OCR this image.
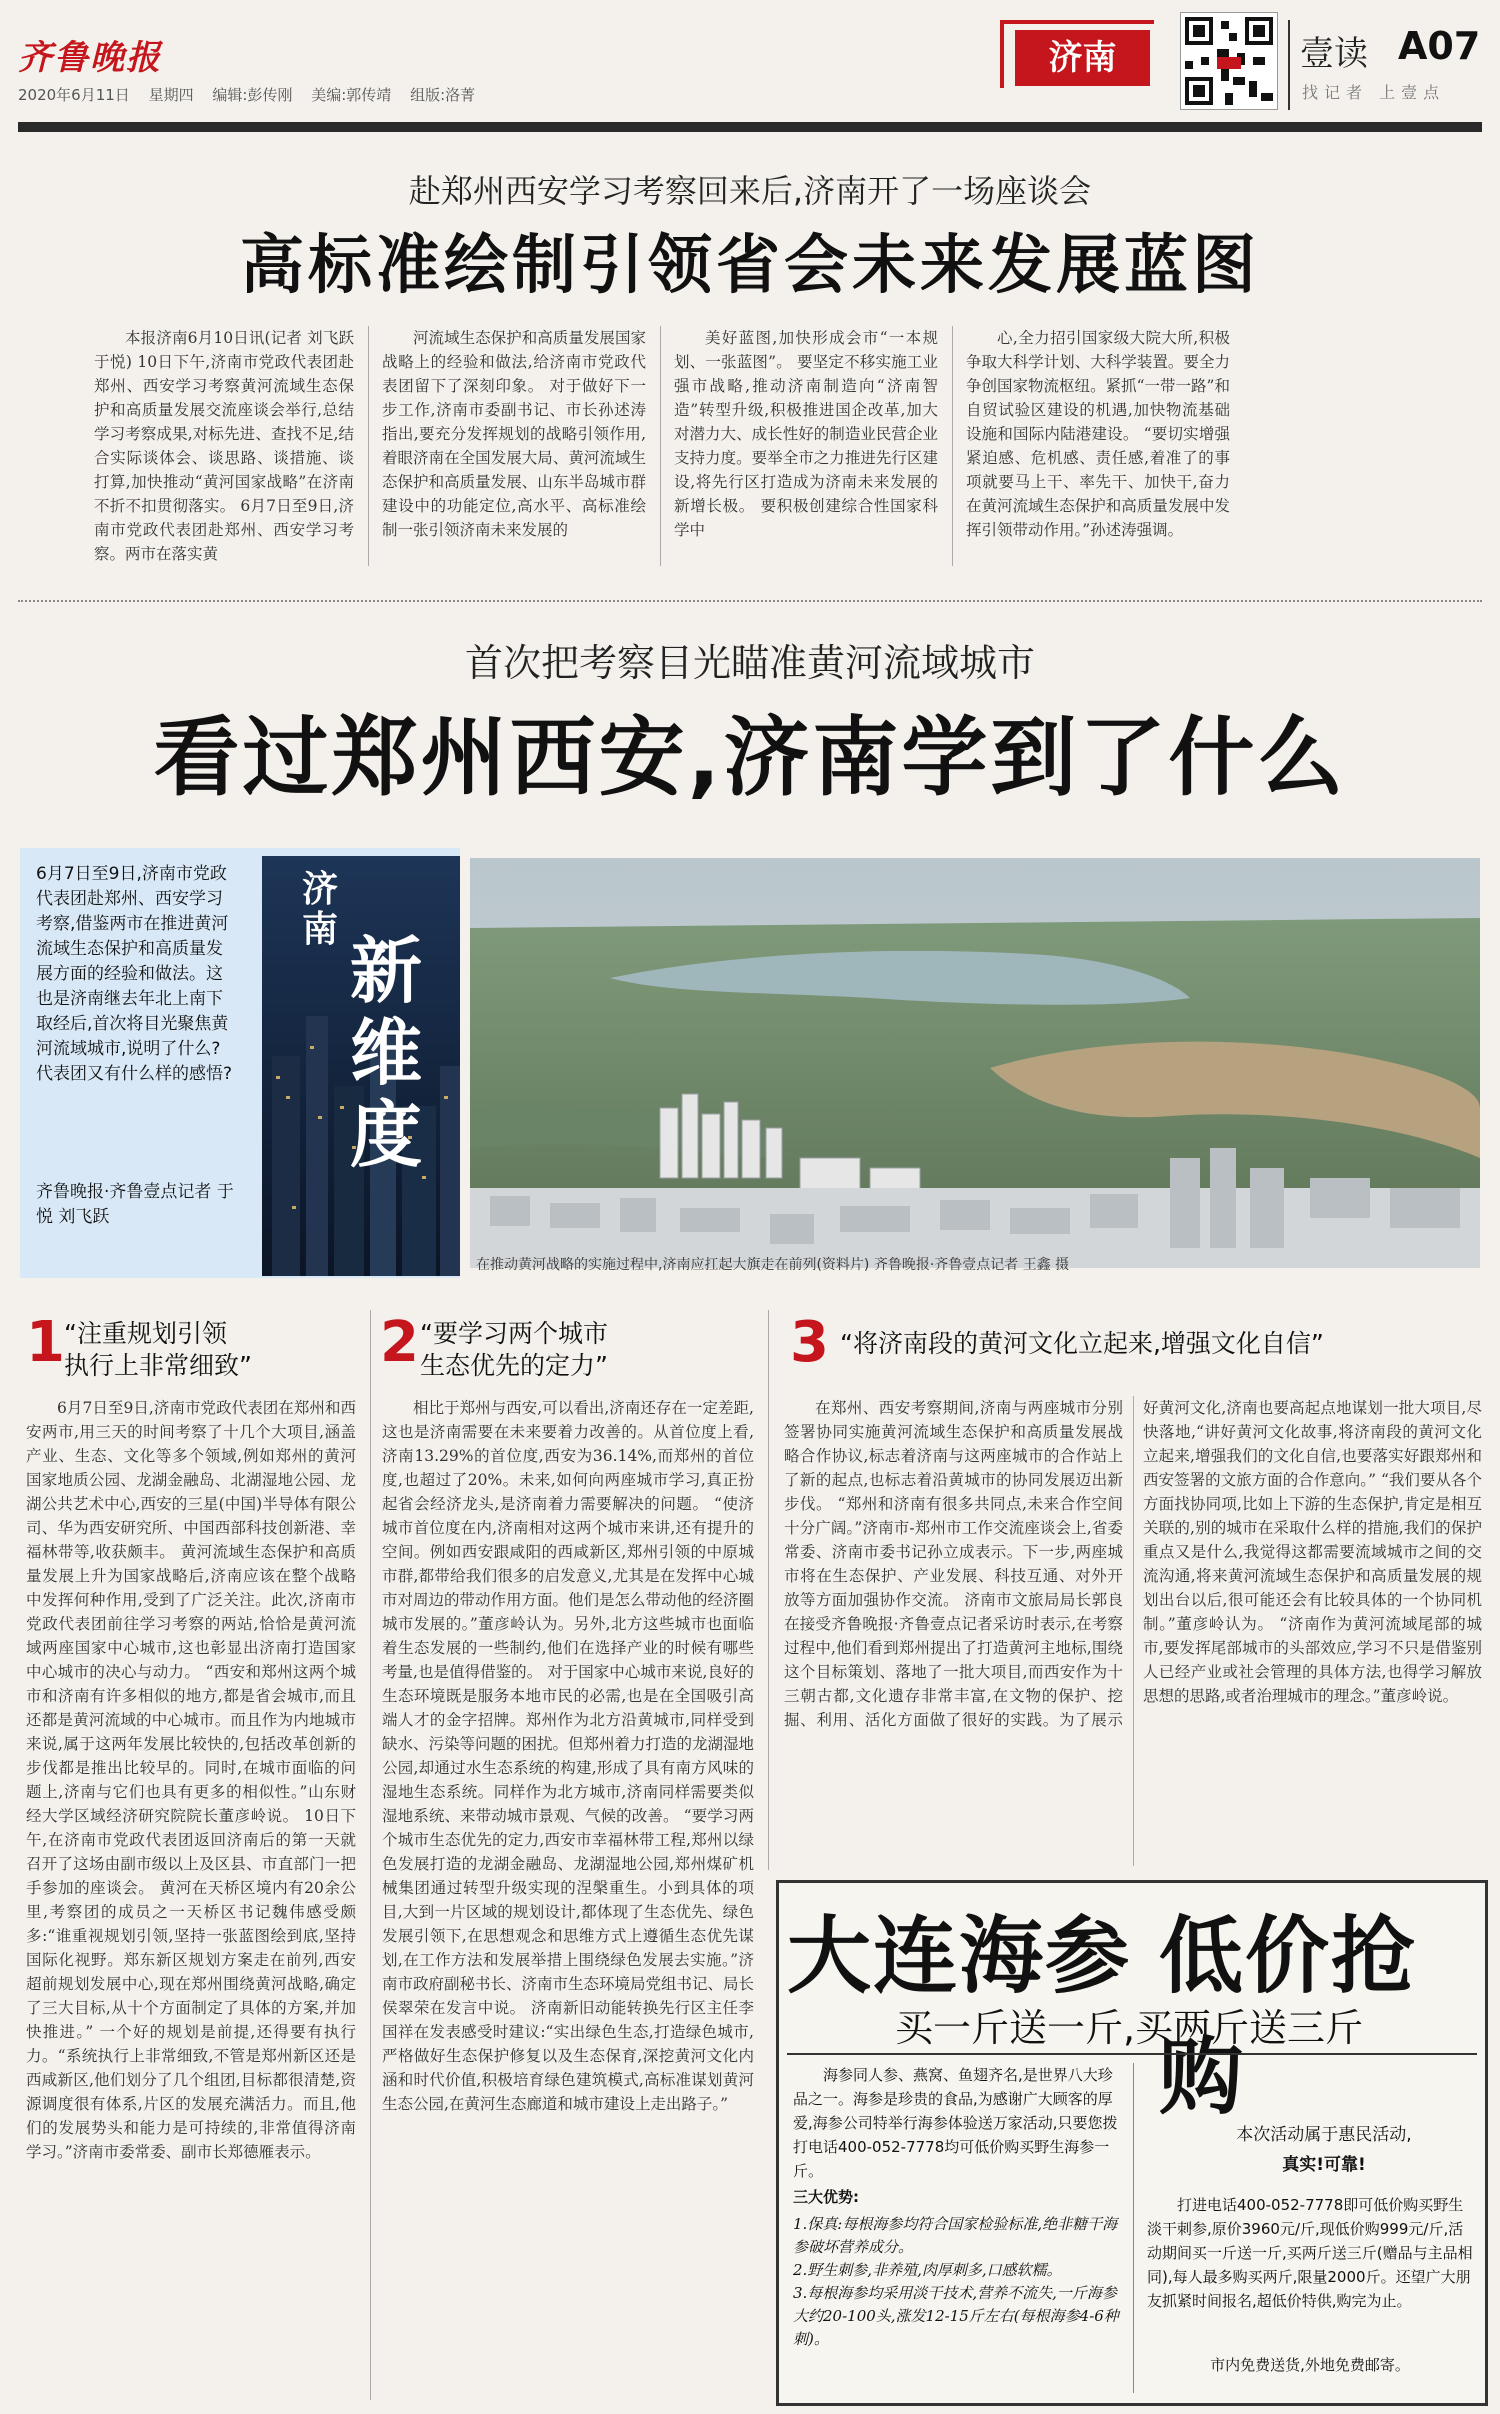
齐鲁晚报
2020年6月11日 星期四 编辑:彭传刚 美编:郭传靖 组版:洛菁
济南	壹读 A07
找记者 上壹点
赴郑州西安学习考察回来后,济南开了一场座谈会
高标准绘制引领省会未来发展蓝图

本报济南6月10日讯(记者 刘飞跃 于悦) 10日下午,济南市党政代表团赴郑州、西安学习考察黄河流域生态保护和高质量发展交流座谈会举行,总结学习考察成果,对标先进、查找不足,结合实际谈体会、谈思路、谈措施、谈打算,加快推动“黄河国家战略”在济南不折不扣贯彻落实。 6月7日至9日,济南市党政代表团赴郑州、西安学习考察。两市在落实黄

河流域生态保护和高质量发展国家战略上的经验和做法,给济南市党政代表团留下了深刻印象。 对于做好下一步工作,济南市委副书记、市长孙述涛指出,要充分发挥规划的战略引领作用,着眼济南在全国发展大局、黄河流域生态保护和高质量发展、山东半岛城市群建设中的功能定位,高水平、高标准绘制一张引领济南未来发展的

美好蓝图,加快形成会市“一本规划、一张蓝图”。 要坚定不移实施工业强市战略,推动济南制造向“济南智造”转型升级,积极推进国企改革,加大对潜力大、成长性好的制造业民营企业支持力度。要举全市之力推进先行区建设,将先行区打造成为济南未来发展的新增长极。 要积极创建综合性国家科学中

心,全力招引国家级大院大所,积极争取大科学计划、大科学装置。要全力争创国家物流枢纽。紧抓“一带一路”和自贸试验区建设的机遇,加快物流基础设施和国际内陆港建设。 “要切实增强紧迫感、危机感、责任感,着准了的事项就要马上干、率先干、加快干,奋力在黄河流域生态保护和高质量发展中发挥引领带动作用。”孙述涛强调。

首次把考察目光瞄准黄河流域城市
看过郑州西安,济南学到了什么
6月7日至9日,济南市党政代表团赴郑州、西安学习考察,借鉴两市在推进黄河流域生态保护和高质量发展方面的经验和做法。这也是济南继去年北上南下取经后,首次将目光聚焦黄河流域城市,说明了什么?代表团又有什么样的感悟?
齐鲁晚报·齐鲁壹点记者 于悦 刘飞跃
济
南 新
维
度
在推动黄河战略的实施过程中,济南应扛起大旗走在前列(资料片) 齐鲁晚报·齐鲁壹点记者 王鑫 摄
1 “注重规划引领
执行上非常细致”

6月7日至9日,济南市党政代表团在郑州和西安两市,用三天的时间考察了十几个大项目,涵盖产业、生态、文化等多个领域,例如郑州的黄河国家地质公园、龙湖金融岛、北湖湿地公园、龙湖公共艺术中心,西安的三星(中国)半导体有限公司、华为西安研究所、中国西部科技创新港、幸福林带等,收获颇丰。 黄河流域生态保护和高质量发展上升为国家战略后,济南应该在整个战略中发挥何种作用,受到了广泛关注。此次,济南市党政代表团前往学习考察的两站,恰恰是黄河流域两座国家中心城市,这也彰显出济南打造国家中心城市的决心与动力。 “西安和郑州这两个城市和济南有许多相似的地方,都是省会城市,而且还都是黄河流域的中心城市。而且作为内地城市来说,属于这两年发展比较快的,包括改革创新的步伐都是推出比较早的。同时,在城市面临的问题上,济南与它们也具有更多的相似性。”山东财经大学区域经济研究院院长董彦岭说。 10日下午,在济南市党政代表团返回济南后的第一天就召开了这场由副市级以上及区县、市直部门一把手参加的座谈会。 黄河在天桥区境内有20余公里,考察团的成员之一天桥区书记魏伟感受颇多:“谁重视规划引领,坚持一张蓝图绘到底,坚持国际化视野。郑东新区规划方案走在前列,西安超前规划发展中心,现在郑州围绕黄河战略,确定了三大目标,从十个方面制定了具体的方案,并加快推进。” 一个好的规划是前提,还得要有执行力。“系统执行上非常细致,不管是郑州新区还是西咸新区,他们划分了几个组团,目标都很清楚,资源调度很有体系,片区的发展充满活力。而且,他们的发展势头和能力是可持续的,非常值得济南学习。”济南市委常委、副市长郑德雁表示。

2 “要学习两个城市
生态优先的定力”

相比于郑州与西安,可以看出,济南还存在一定差距,这也是济南需要在未来要着力改善的。从首位度上看,济南13.29%的首位度,西安为36.14%,而郑州的首位度,也超过了20%。未来,如何向两座城市学习,真正扮起省会经济龙头,是济南着力需要解决的问题。 “使济城市首位度在内,济南相对这两个城市来讲,还有提升的空间。例如西安跟咸阳的西咸新区,郑州引领的中原城市群,都带给我们很多的启发意义,尤其是在发挥中心城市对周边的带动作用方面。他们是怎么带动他的经济圈城市发展的。”董彦岭认为。另外,北方这些城市也面临着生态发展的一些制约,他们在选择产业的时候有哪些考量,也是值得借鉴的。 对于国家中心城市来说,良好的生态环境既是服务本地市民的必需,也是在全国吸引高端人才的金字招牌。郑州作为北方沿黄城市,同样受到缺水、污染等问题的困扰。但郑州着力打造的龙湖湿地公园,却通过水生态系统的构建,形成了具有南方风味的湿地生态系统。同样作为北方城市,济南同样需要类似湿地系统、来带动城市景观、气候的改善。 “要学习两个城市生态优先的定力,西安市幸福林带工程,郑州以绿色发展打造的龙湖金融岛、龙湖湿地公园,郑州煤矿机械集团通过转型升级实现的涅槃重生。小到具体的项目,大到一片区域的规划设计,都体现了生态优先、绿色发展引领下,在思想观念和思维方式上遵循生态优先谋划,在工作方法和发展举措上围绕绿色发展去实施。”济南市政府副秘书长、济南市生态环境局党组书记、局长侯翠荣在发言中说。 济南新旧动能转换先行区主任李国祥在发表感受时建议:“实出绿色生态,打造绿色城市,严格做好生态保护修复以及生态保育,深挖黄河文化内涵和时代价值,积极培育绿色建筑模式,高标准谋划黄河生态公园,在黄河生态廊道和城市建设上走出路子。”

3 “将济南段的黄河文化立起来,增强文化自信”

在郑州、西安考察期间,济南与两座城市分别签署协同实施黄河流域生态保护和高质量发展战略合作协议,标志着济南与这两座城市的合作站上了新的起点,也标志着沿黄城市的协同发展迈出新步伐。 “郑州和济南有很多共同点,未来合作空间十分广阔。”济南市-郑州市工作交流座谈会上,省委常委、济南市委书记孙立成表示。下一步,两座城市将在生态保护、产业发展、科技互通、对外开放等方面加强协作交流。 济南市文旅局局长郭良在接受齐鲁晚报·齐鲁壹点记者采访时表示,在考察过程中,他们看到郑州提出了打造黄河主地标,围绕这个目标策划、落地了一批大项目,而西安作为十三朝古都,文化遗存非常丰富,在文物的保护、挖掘、利用、活化方面做了很好的实践。为了展示好黄河文化,济南也要高起点地谋划一批大项目,尽快落地,“讲好黄河文化故事,将济南段的黄河文化立起来,增强我们的文化自信,也要落实好跟郑州和西安签署的文旅方面的合作意向。” “我们要从各个方面找协同项,比如上下游的生态保护,肯定是相互关联的,别的城市在采取什么样的措施,我们的保护重点又是什么,我觉得这都需要流域城市之间的交流沟通,将来黄河流域生态保护和高质量发展的规划出台以后,很可能还会有比较具体的一个协同机制。”董彦岭认为。 “济南作为黄河流域尾部的城市,要发挥尾部城市的头部效应,学习不只是借鉴别人已经产业或社会管理的具体方法,也得学习解放思想的思路,或者治理城市的理念。”董彦岭说。

大连海参 低价抢购
买一斤送一斤,买两斤送三斤
海参同人参、燕窝、鱼翅齐名,是世界八大珍品之一。海参是珍贵的食品,为感谢广大顾客的厚爱,海参公司特举行海参体验送万家活动,只要您拨打电话400-052-7778均可低价购买野生海参一斤。
三大优势:
1.保真:每根海参均符合国家检验标准,绝非糖干海参破坏营养成分。
2.野生刺参,非养殖,肉厚刺多,口感软糯。
3.每根海参均采用淡干技术,营养不流失,一斤海参大约20-100头,涨发12-15斤左右(每根海参4-6种刺)。
本次活动属于惠民活动,
真实!可靠!
打进电话400-052-7778即可低价购买野生淡干刺参,原价3960元/斤,现低价购999元/斤,活动期间买一斤送一斤,买两斤送三斤(赠品与主品相同),每人最多购买两斤,限量2000斤。还望广大朋友抓紧时间报名,超低价特供,购完为止。
市内免费送货,外地免费邮寄。
